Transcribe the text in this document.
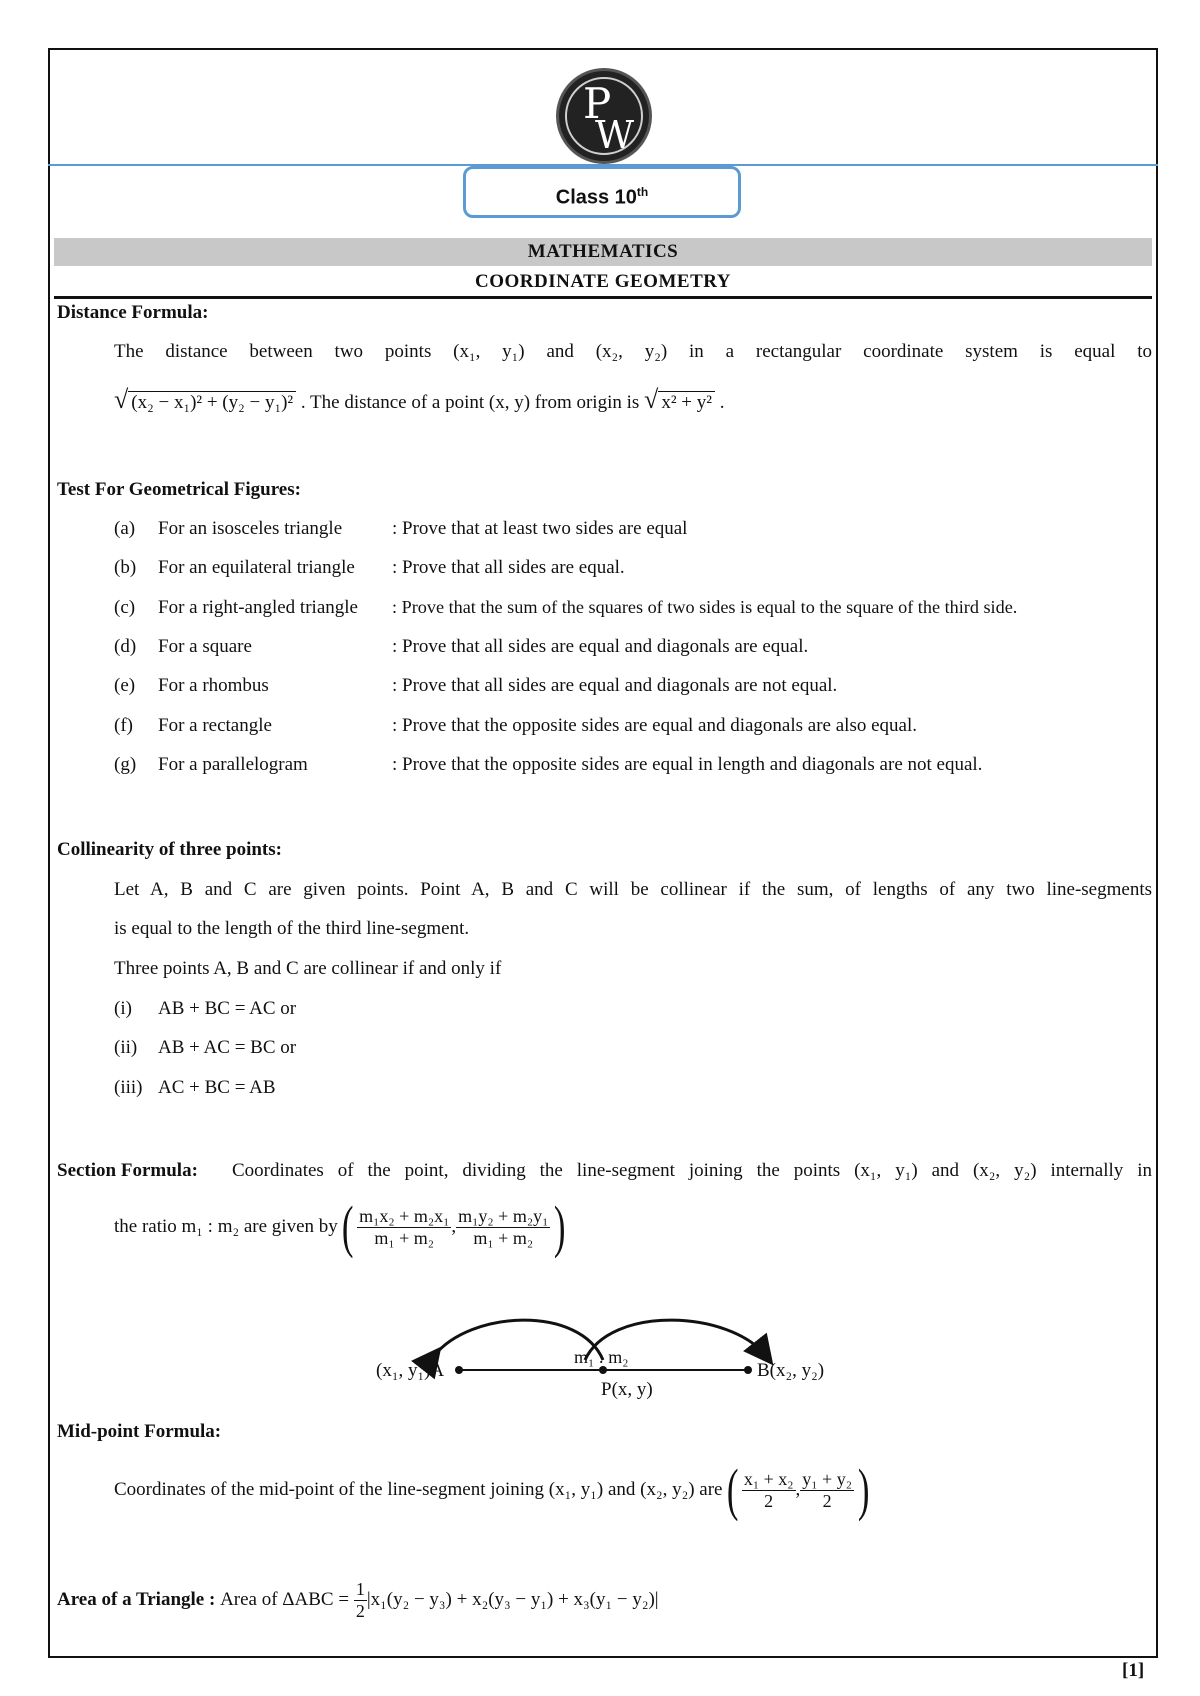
P
W
Class 10th
MATHEMATICS
COORDINATE GEOMETRY
Distance Formula:
The distance between two points (x₁, y₁) and (x₂, y₂) in a rectangular coordinate system is equal to
√ (x₂ − x₁)² + (y₂ − y₁)² . The distance of a point (x, y) from origin is √ x² + y² .
Test For Geometrical Figures:
(a) For an isosceles triangle	: Prove that at least two sides are equal
(b) For an equilateral triangle : Prove that all sides are equal.
(c) For a right-angled triangle : Prove that the sum of the squares of two sides is equal to the square of the third side.
(d) For a square	: Prove that all sides are equal and diagonals are equal.
(e) For a rhombus	: Prove that all sides are equal and diagonals are not equal.
(f) For a rectangle	: Prove that the opposite sides are equal and diagonals are also equal.
(g) For a parallelogram	: Prove that the opposite sides are equal in length and diagonals are not equal.
Collinearity of three points:
Let A, B and C are given points. Point A, B and C will be collinear if the sum, of lengths of any two line-segments
is equal to the length of the third line-segment.
Three points A, B and C are collinear if and only if
(i) AB + BC = AC or
(ii) AB + AC = BC or
(iii) AC + BC = AB
Section Formula: Coordinates of the point, dividing the line-segment joining the points (x₁, y₁) and (x₂, y₂) internally in
the ratio m₁ : m₂ are given by ( $\frac{\text{m₁x₂ + m₂x₁}}{\text{m₁ + m₂}}$ , $\frac{\text{m₁y₂ + m₂y₁}}{\text{m₁ + m₂}}$ )
(x₁, y₁)A
m₁ : m₂
P(x, y)
B(x₂, y₂)
Mid-point Formula:
Coordinates of the mid-point of the line-segment joining (x₁, y₁) and (x₂, y₂) are ( $\frac{\text{x₁ + x₂}}{2}$ , $\frac{\text{y₁ + y₂}}{2}$ )
Area of a Triangle :
Area of ΔABC =
$\frac{1}{2} |x_1(y_2 - y_3) + x_2(y_3 - y_1) + x_3(y_1 - y_2)|$
[1]
